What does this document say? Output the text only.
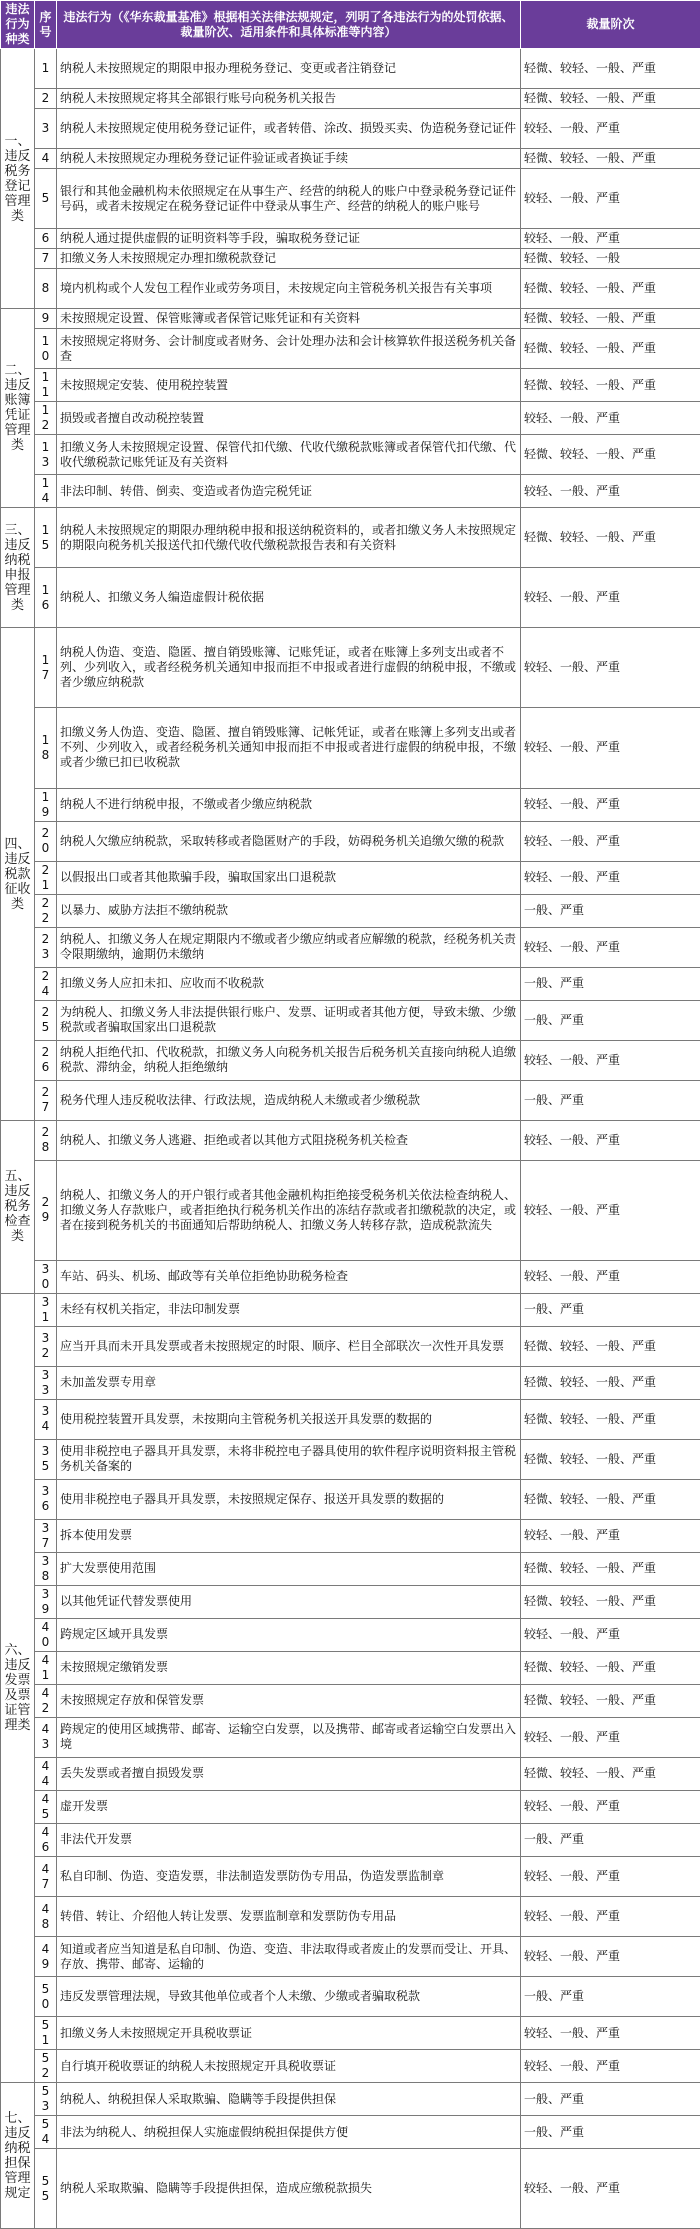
违法行为种类	序号	违法行为（《华东裁量基准》根据相关法律法规规定，列明了各违法行为的处罚依据、裁量阶次、适用条件和具体标准等内容）	裁量阶次
一、违反税务登记管理类	1	纳税人未按照规定的期限申报办理税务登记、变更或者注销登记	轻微、较轻、一般、严重
	2	纳税人未按照规定将其全部银行账号向税务机关报告	轻微、较轻、一般、严重
	3	纳税人未按照规定使用税务登记证件，或者转借、涂改、损毁买卖、伪造税务登记证件	较轻、一般、严重
	4	纳税人未按照规定办理税务登记证件验证或者换证手续	轻微、较轻、一般、严重
	5	银行和其他金融机构未依照规定在从事生产、经营的纳税人的账户中登录税务登记证件号码，或者未按规定在税务登记证件中登录从事生产、经营的纳税人的账户账号	较轻、一般、严重
	6	纳税人通过提供虚假的证明资料等手段，骗取税务登记证	较轻、一般、严重
	7	扣缴义务人未按照规定办理扣缴税款登记	轻微、较轻、一般
	8	境内机构或个人发包工程作业或劳务项目，未按规定向主管税务机关报告有关事项	轻微、较轻、一般、严重
二、违反账簿凭证管理类	9	未按照规定设置、保管账簿或者保管记账凭证和有关资料	轻微、较轻、一般、严重
	10	未按照规定将财务、会计制度或者财务、会计处理办法和会计核算软件报送税务机关备查	轻微、较轻、一般、严重
	11	未按照规定安装、使用税控装置	轻微、较轻、一般、严重
	12	损毁或者擅自改动税控装置	较轻、一般、严重
	13	扣缴义务人未按照规定设置、保管代扣代缴、代收代缴税款账簿或者保管代扣代缴、代收代缴税款记账凭证及有关资料	轻微、较轻、一般、严重
	14	非法印制、转借、倒卖、变造或者伪造完税凭证	较轻、一般、严重
三、违反纳税申报管理类	15	纳税人未按照规定的期限办理纳税申报和报送纳税资料的，或者扣缴义务人未按照规定的期限向税务机关报送代扣代缴代收代缴税款报告表和有关资料	轻微、较轻、一般、严重
	16	纳税人、扣缴义务人编造虚假计税依据	较轻、一般、严重
四、违反税款征收类	17	纳税人伪造、变造、隐匿、擅自销毁账簿、记账凭证，或者在账簿上多列支出或者不列、少列收入，或者经税务机关通知申报而拒不申报或者进行虚假的纳税申报，不缴或者少缴应纳税款	较轻、一般、严重
	18	扣缴义务人伪造、变造、隐匿、擅自销毁账簿、记帐凭证，或者在账簿上多列支出或者不列、少列收入，或者经税务机关通知申报而拒不申报或者进行虚假的纳税申报，不缴或者少缴已扣已收税款	较轻、一般、严重
	19	纳税人不进行纳税申报，不缴或者少缴应纳税款	较轻、一般、严重
	20	纳税人欠缴应纳税款，采取转移或者隐匿财产的手段，妨碍税务机关追缴欠缴的税款	较轻、一般、严重
	21	以假报出口或者其他欺骗手段，骗取国家出口退税款	较轻、一般、严重
	22	以暴力、威胁方法拒不缴纳税款	一般、严重
	23	纳税人、扣缴义务人在规定期限内不缴或者少缴应纳或者应解缴的税款，经税务机关责令限期缴纳，逾期仍未缴纳	较轻、一般、严重
	24	扣缴义务人应扣未扣、应收而不收税款	一般、严重
	25	为纳税人、扣缴义务人非法提供银行账户、发票、证明或者其他方便，导致未缴、少缴税款或者骗取国家出口退税款	一般、严重
	26	纳税人拒绝代扣、代收税款，扣缴义务人向税务机关报告后税务机关直接向纳税人追缴税款、滞纳金，纳税人拒绝缴纳	较轻、一般、严重
	27	税务代理人违反税收法律、行政法规，造成纳税人未缴或者少缴税款	一般、严重
五、违反税务检查类	28	纳税人、扣缴义务人逃避、拒绝或者以其他方式阻挠税务机关检查	较轻、一般、严重
	29	纳税人、扣缴义务人的开户银行或者其他金融机构拒绝接受税务机关依法检查纳税人、扣缴义务人存款账户，或者拒绝执行税务机关作出的冻结存款或者扣缴税款的决定，或者在接到税务机关的书面通知后帮助纳税人、扣缴义务人转移存款，造成税款流失	较轻、一般、严重
	30	车站、码头、机场、邮政等有关单位拒绝协助税务检查	较轻、一般、严重
六、违反发票及票证管理类	31	未经有权机关指定，非法印制发票	一般、严重
	32	应当开具而未开具发票或者未按照规定的时限、顺序、栏目全部联次一次性开具发票	轻微、较轻、一般、严重
	33	未加盖发票专用章	轻微、较轻、一般、严重
	34	使用税控装置开具发票，未按期向主管税务机关报送开具发票的数据的	轻微、较轻、一般、严重
	35	使用非税控电子器具开具发票，未将非税控电子器具使用的软件程序说明资料报主管税务机关备案的	轻微、较轻、一般、严重
	36	使用非税控电子器具开具发票，未按照规定保存、报送开具发票的数据的	轻微、较轻、一般、严重
	37	拆本使用发票	较轻、一般、严重
	38	扩大发票使用范围	轻微、较轻、一般、严重
	39	以其他凭证代替发票使用	轻微、较轻、一般、严重
	40	跨规定区域开具发票	较轻、一般、严重
	41	未按照规定缴销发票	轻微、较轻、一般、严重
	42	未按照规定存放和保管发票	轻微、较轻、一般、严重
	43	跨规定的使用区域携带、邮寄、运输空白发票，以及携带、邮寄或者运输空白发票出入境	较轻、一般、严重
	44	丢失发票或者擅自损毁发票	轻微、较轻、一般、严重
	45	虚开发票	较轻、一般、严重
	46	非法代开发票	一般、严重
	47	私自印制、伪造、变造发票，非法制造发票防伪专用品，伪造发票监制章	较轻、一般、严重
	48	转借、转让、介绍他人转让发票、发票监制章和发票防伪专用品	较轻、一般、严重
	49	知道或者应当知道是私自印制、伪造、变造、非法取得或者废止的发票而受让、开具、存放、携带、邮寄、运输的	较轻、一般、严重
	50	违反发票管理法规，导致其他单位或者个人未缴、少缴或者骗取税款	一般、严重
	51	扣缴义务人未按照规定开具税收票证	较轻、一般、严重
	52	自行填开税收票证的纳税人未按照规定开具税收票证	较轻、一般、严重
七、违反纳税担保管理规定	53	纳税人、纳税担保人采取欺骗、隐瞒等手段提供担保	一般、严重
	54	非法为纳税人、纳税担保人实施虚假纳税担保提供方便	一般、严重
	55	纳税人采取欺骗、隐瞒等手段提供担保，造成应缴税款损失	较轻、一般、严重
